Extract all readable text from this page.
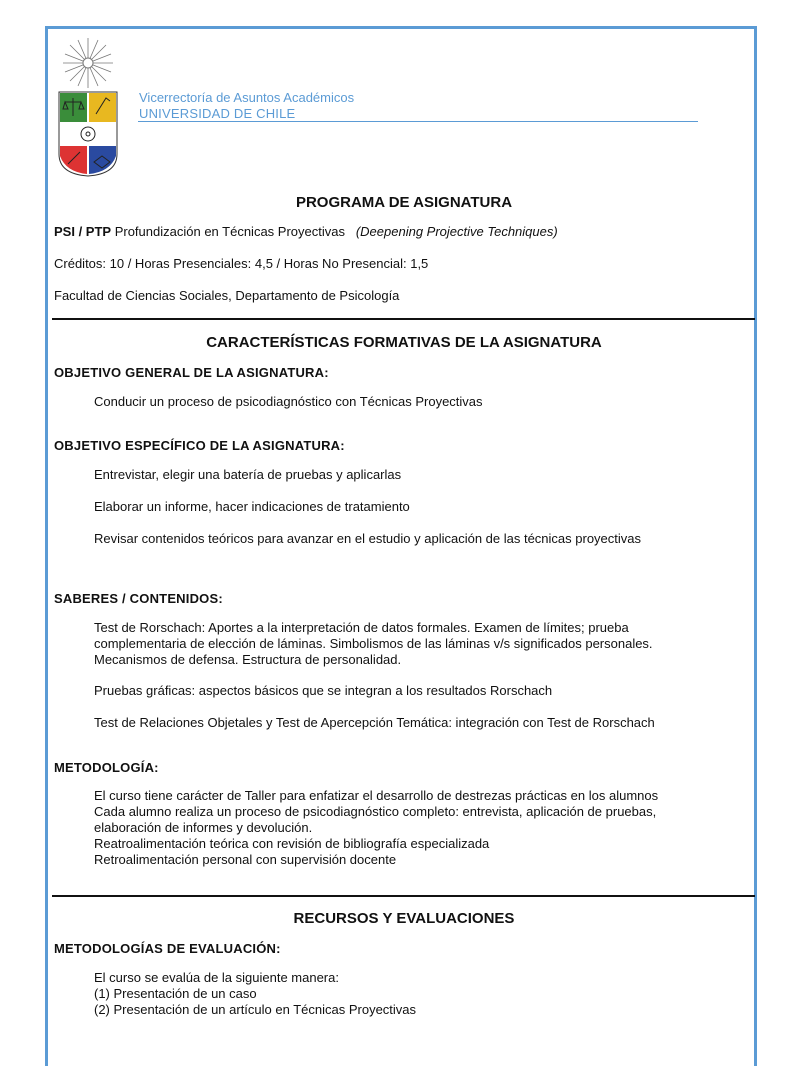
Vicerrectoría de Asuntos Académicos
UNIVERSIDAD DE CHILE
PROGRAMA DE ASIGNATURA
PSI / PTP Profundización en Técnicas Proyectivas (Deepening Projective Techniques)
Créditos: 10 / Horas Presenciales: 4,5 / Horas No Presencial: 1,5
Facultad de Ciencias Sociales, Departamento de Psicología
CARACTERÍSTICAS FORMATIVAS DE LA ASIGNATURA
OBJETIVO GENERAL DE LA ASIGNATURA:
Conducir un proceso de psicodiagnóstico con Técnicas Proyectivas
OBJETIVO ESPECÍFICO DE LA ASIGNATURA:
Entrevistar, elegir una batería de pruebas y aplicarlas
Elaborar un informe, hacer indicaciones de tratamiento
Revisar contenidos teóricos para avanzar en el estudio y aplicación de las técnicas proyectivas
SABERES / CONTENIDOS:
Test de Rorschach: Aportes a la interpretación de datos formales. Examen de límites; prueba complementaria de elección de láminas. Simbolismos de las láminas v/s significados personales. Mecanismos de defensa. Estructura de personalidad.
Pruebas gráficas: aspectos básicos que se integran a los resultados Rorschach
Test de Relaciones Objetales y Test de Apercepción Temática: integración con Test de Rorschach
METODOLOGÍA:
El curso tiene carácter de Taller para enfatizar el desarrollo de destrezas prácticas en los alumnos
Cada alumno realiza un proceso de psicodiagnóstico completo: entrevista, aplicación de pruebas, elaboración de informes y devolución.
Reatroalimentación teórica con revisión de bibliografía especializada
Retroalimentación personal con supervisión docente
RECURSOS Y EVALUACIONES
METODOLOGÍAS DE EVALUACIÓN:
El curso se evalúa de la siguiente manera:
(1) Presentación de un caso
(2) Presentación de un artículo en Técnicas Proyectivas
